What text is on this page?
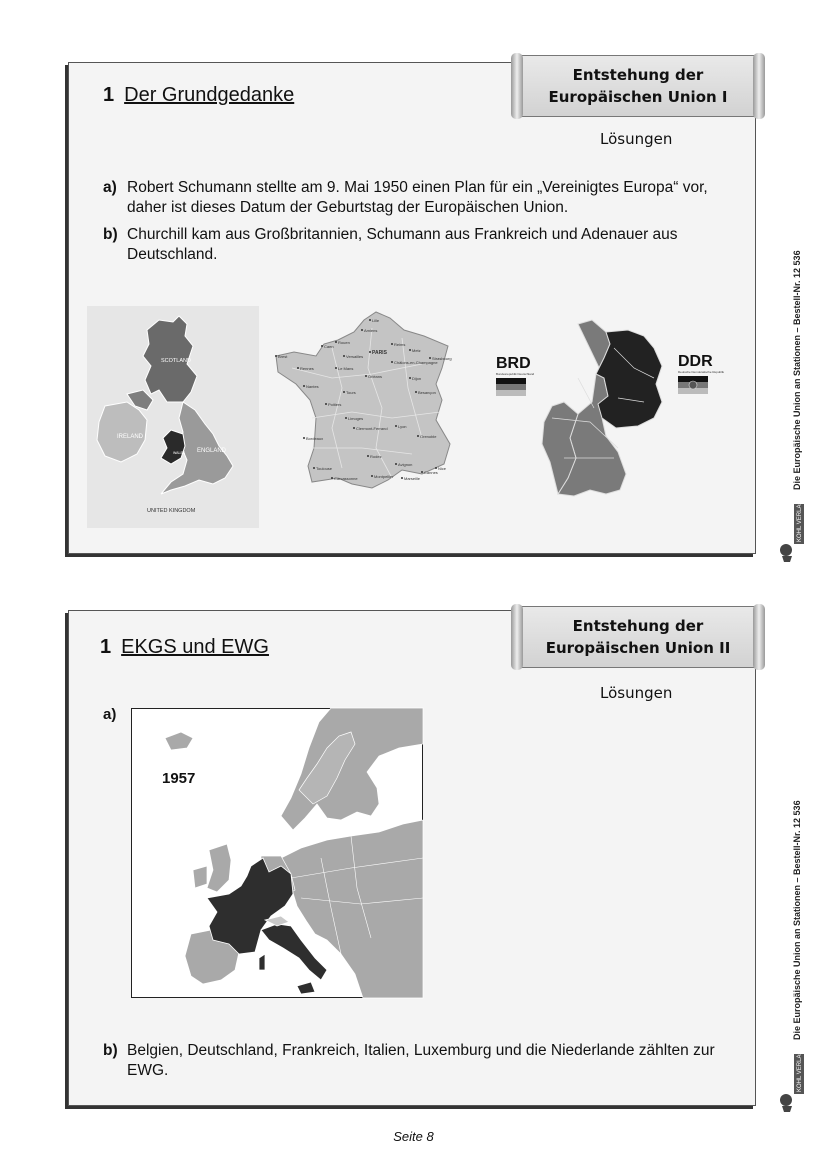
1 Der Grundgedanke
Entstehung der
Europäischen Union I
Lösungen
a) Robert Schumann stellte am 9. Mai 1950 einen Plan für ein „Vereinigtes Europa“ vor, daher ist dieses Datum der Geburtstag der Europäischen Union.
b) Churchill kam aus Großbritannien, Schumann aus Frankreich und Adenauer aus Deutschland.
SCOTLAND
IRELAND
ENGLAND
WALES
UNITED KINGDOM
Lille
Amiens
Rouen
Caen
PARIS
Reims
Metz
Strasbourg
Brest
Rennes	Le Mans
Versailles
Châlons-en-Champagne
Orléans
Nantes
Dijon
Besançon
Tours
Poitiers
Limoges
Clermont-Ferrand	Lyon
Grenoble
Bordeaux
Rodez
Avignon
Nice
Toulouse
Montpellier	Marseille
Carcassonne
Cannes
BRD
Bundesrepublik Deutschland
DDR
Deutsche Demokratische Republik
1 EKGS und EWG
Entstehung der
Europäischen Union II
Lösungen
a)
1957
b) Belgien, Deutschland, Frankreich, Italien, Luxemburg und die Niederlande zählten zur EWG.
Die Europäische Union an Stationen – Bestell-Nr. 12 536
Die Europäische Union an Stationen – Bestell-Nr. 12 536
KOHL VERLAG
KOHL VERLAG
Seite 8
